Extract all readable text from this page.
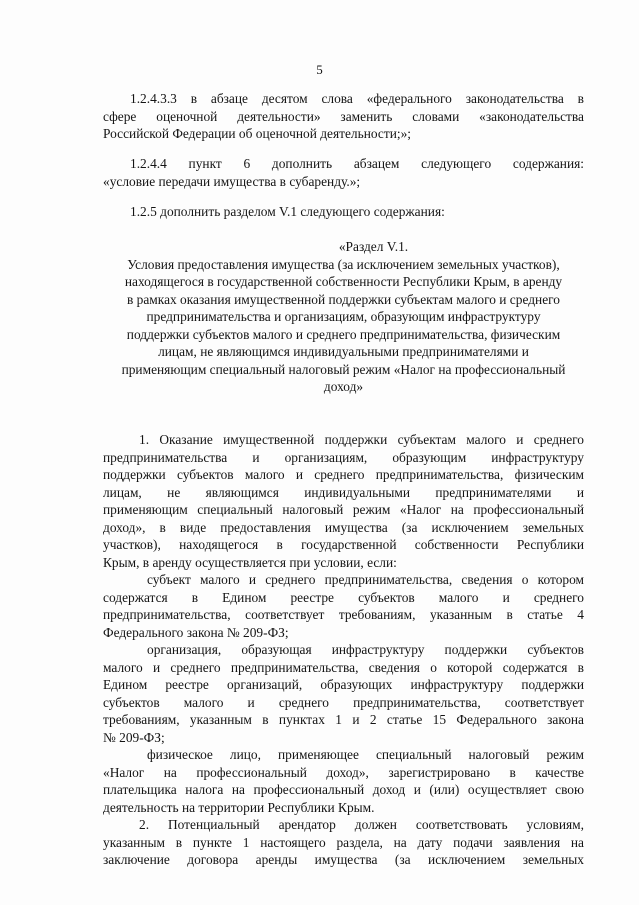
5
1.2.4.3.3 в абзаце десятом слова «федерального законодательства в
сфере оценочной деятельности» заменить словами «законодательства
Российской Федерации об оценочной деятельности;»;
1.2.4.4 пункт 6 дополнить абзацем следующего содержания:
«условие передачи имущества в субаренду.»;
1.2.5 дополнить разделом V.1 следующего содержания:
«Раздел V.1.
Условия предоставления имущества (за исключением земельных участков),
находящегося в государственной собственности Республики Крым, в аренду
в рамках оказания имущественной поддержки субъектам малого и среднего
предпринимательства и организациям, образующим инфраструктуру
поддержки субъектов малого и среднего предпринимательства, физическим
лицам, не являющимся индивидуальными предпринимателями и
применяющим специальный налоговый режим «Налог на профессиональный
доход»
1. Оказание имущественной поддержки субъектам малого и среднего
предпринимательства и организациям, образующим инфраструктуру
поддержки субъектов малого и среднего предпринимательства, физическим
лицам, не являющимся индивидуальными предпринимателями и
применяющим специальный налоговый режим «Налог на профессиональный
доход», в виде предоставления имущества (за исключением земельных
участков), находящегося в государственной собственности Республики
Крым, в аренду осуществляется при условии, если:
субъект малого и среднего предпринимательства, сведения о котором
содержатся в Едином реестре субъектов малого и среднего
предпринимательства, соответствует требованиям, указанным в статье 4
Федерального закона № 209-ФЗ;
организация, образующая инфраструктуру поддержки субъектов
малого и среднего предпринимательства, сведения о которой содержатся в
Едином реестре организаций, образующих инфраструктуру поддержки
субъектов малого и среднего предпринимательства, соответствует
требованиям, указанным в пунктах 1 и 2 статье 15 Федерального закона
№ 209-ФЗ;
физическое лицо, применяющее специальный налоговый режим
«Налог на профессиональный доход», зарегистрировано в качестве
плательщика налога на профессиональный доход и (или) осуществляет свою
деятельность на территории Республики Крым.
2. Потенциальный арендатор должен соответствовать условиям,
указанным в пункте 1 настоящего раздела, на дату подачи заявления на
заключение договора аренды имущества (за исключением земельных
